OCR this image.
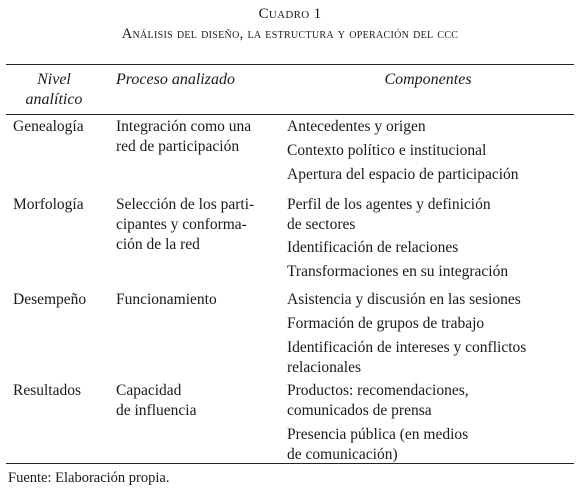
Cuadro 1
Análisis del diseño, la estructura y operación del ccc
Nivel
analítico
Proceso analizado	Componentes
Genealogía Integración como una
red de participación
Antecedentes y origen
Contexto político e institucional
Apertura del espacio de participación
Morfología Selección de los parti-
cipantes y conforma-
ción de la red
Perfil de los agentes y definición
de sectores
Identificación de relaciones
Transformaciones en su integración
Desempeño Funcionamiento	Asistencia y discusión en las sesiones
Formación de grupos de trabajo
Identificación de intereses y conflictos
relacionales
Resultados Capacidad
de influencia
Productos: recomendaciones,
comunicados de prensa
Presencia pública (en medios
de comunicación)
Fuente: Elaboración propia.
